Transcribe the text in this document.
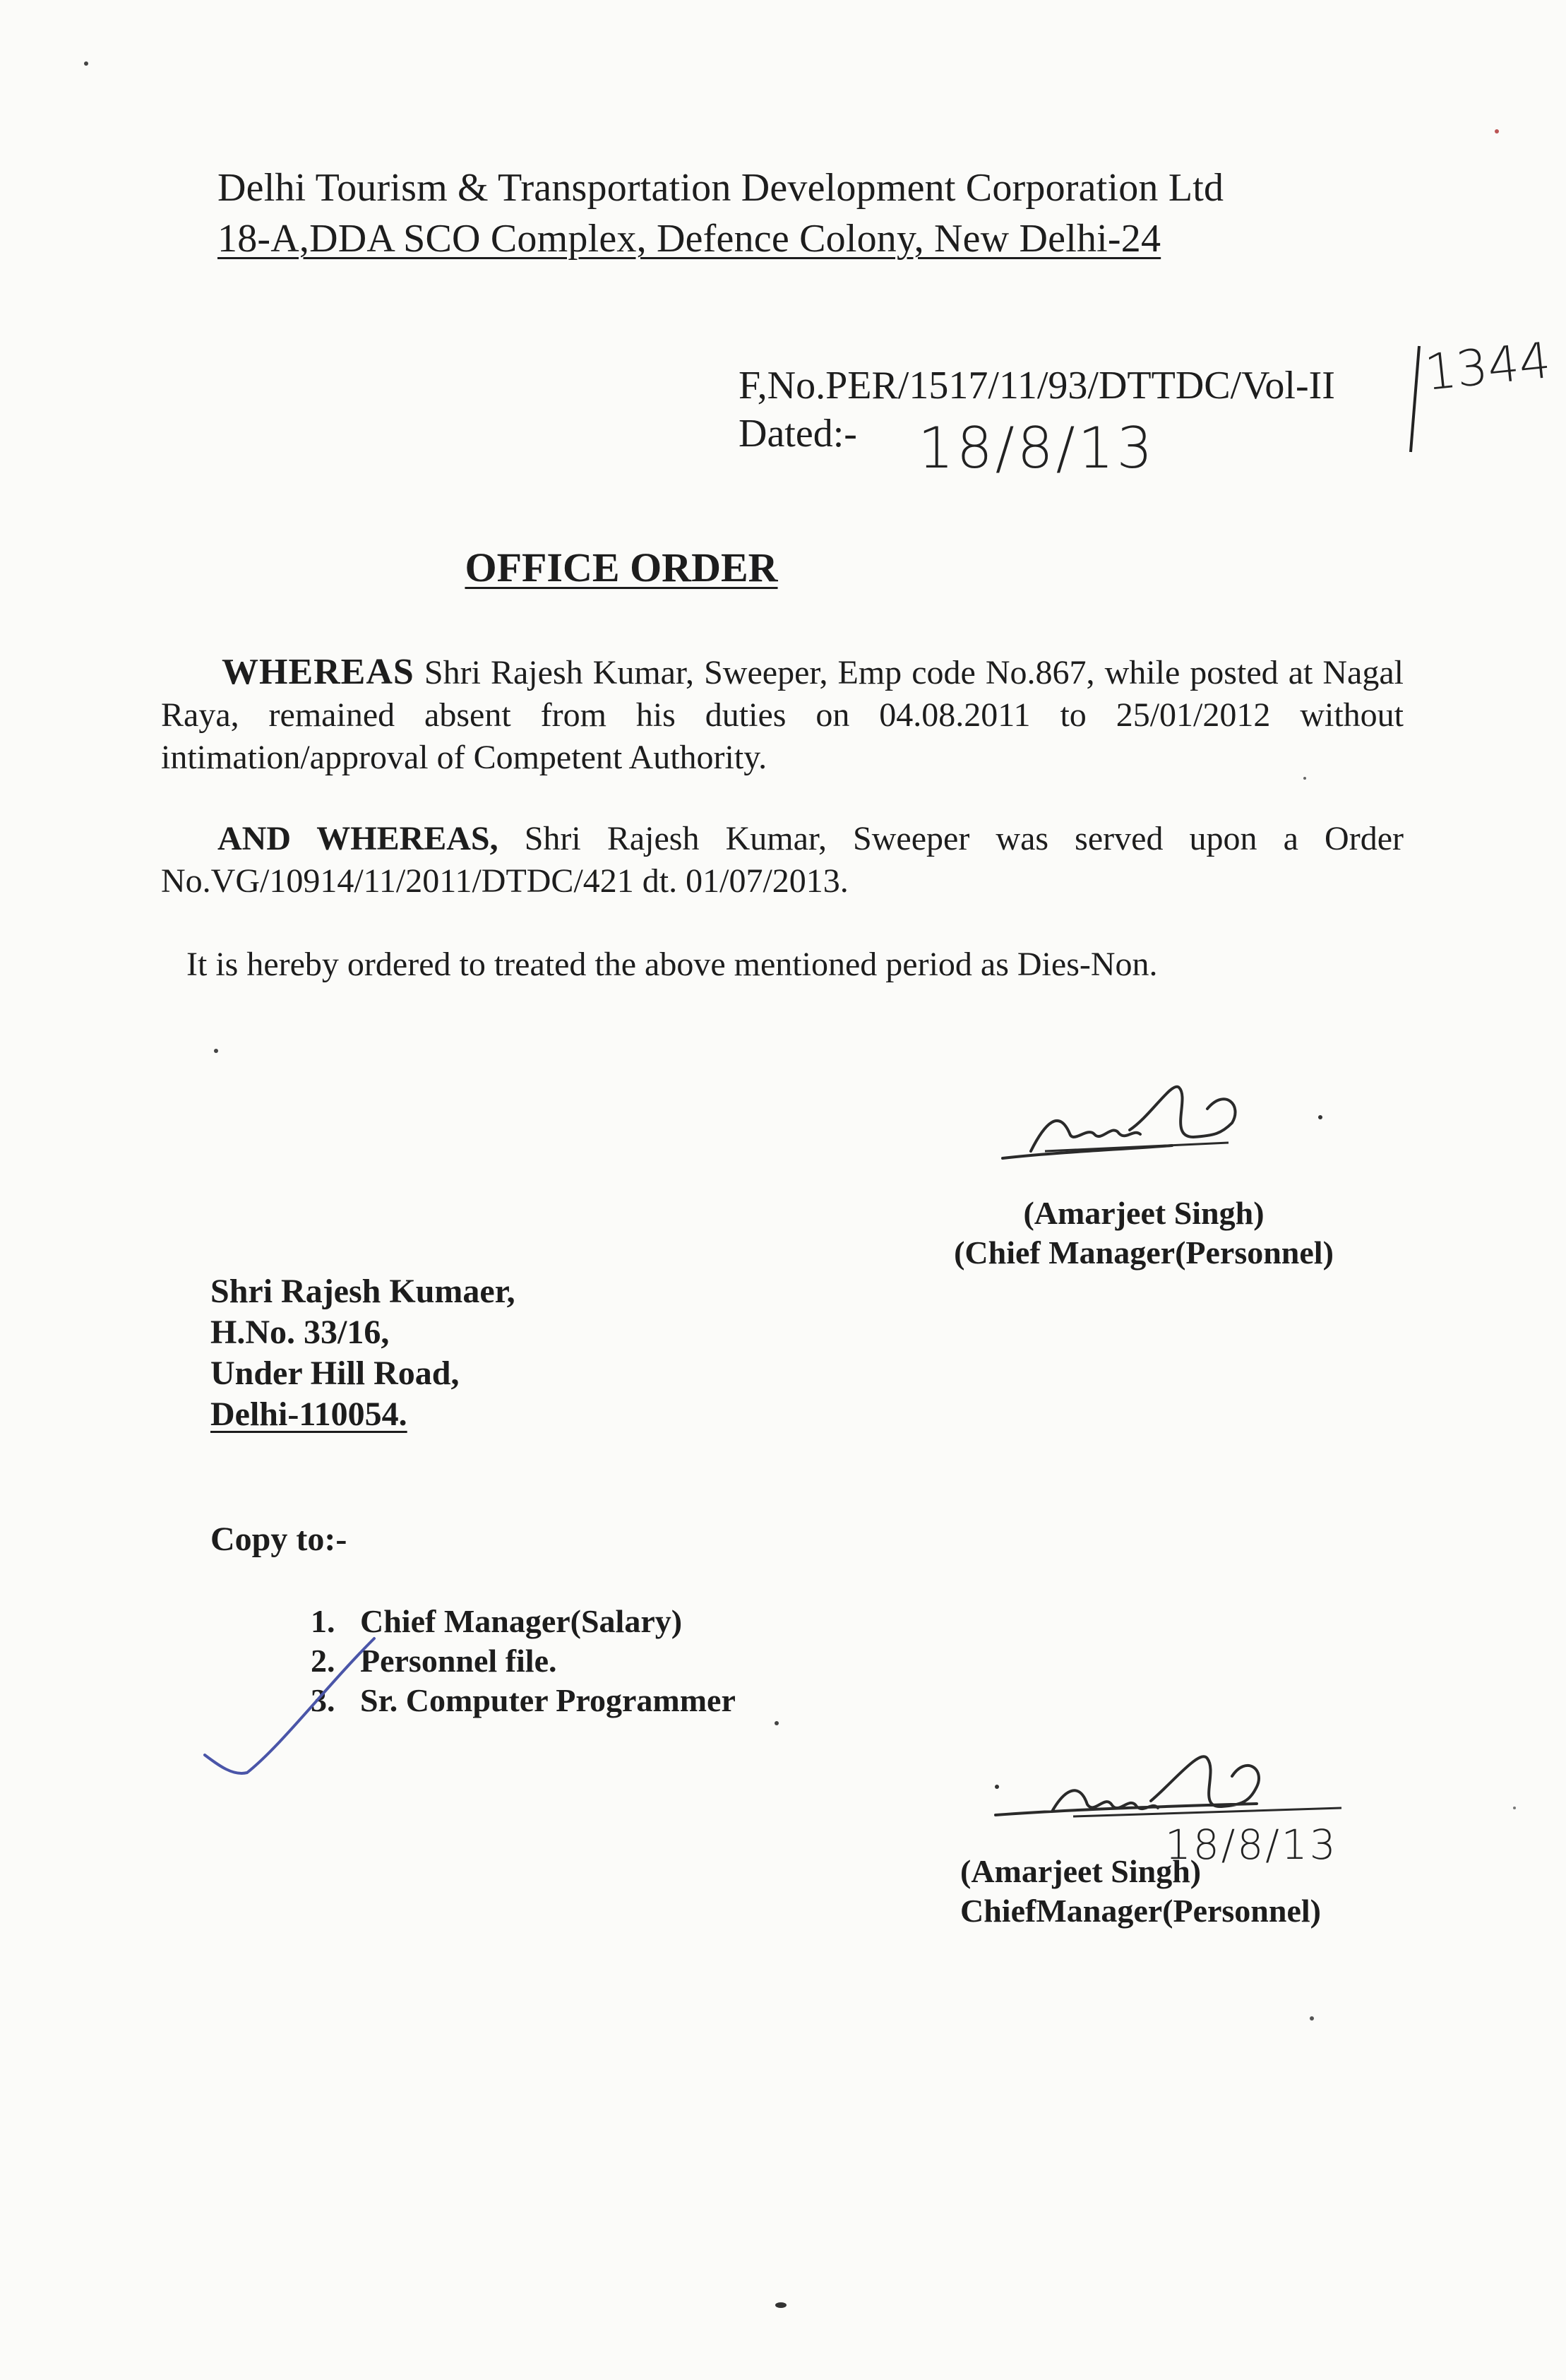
Delhi Tourism & Transportation Development Corporation Ltd
18-A,DDA SCO Complex, Defence Colony, New Delhi-24
F,No.PER/1517/11/93/DTTDC/Vol-II 1344
Dated:- 18/8/13
OFFICE ORDER

WHEREAS Shri Rajesh Kumar, Sweeper, Emp code No.867, while posted at Nagal Raya, remained absent from his duties on 04.08.2011 to 25/01/2012 without intimation/approval of Competent Authority.

AND WHEREAS, Shri Rajesh Kumar, Sweeper was served upon a Order No.VG/10914/11/2011/DTDC/421 dt. 01/07/2013.

It is hereby ordered to treated the above mentioned period as Dies-Non.

(Amarjeet Singh)
(Chief Manager(Personnel)
Shri Rajesh Kumaer,
H.No. 33/16,
Under Hill Road,
Delhi-110054.
Copy to:-
1. Chief Manager(Salary)
2. Personnel file.
3. Sr. Computer Programmer
18/8/13
(Amarjeet Singh)
ChiefManager(Personnel)
